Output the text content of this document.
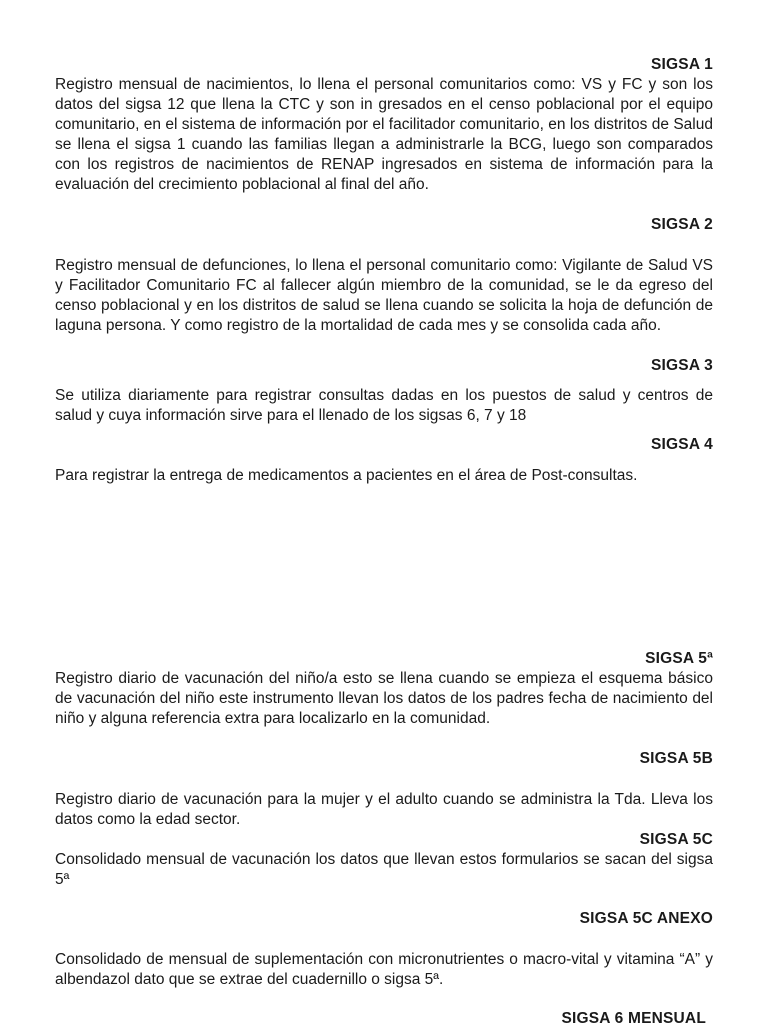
SIGSA 1

Registro mensual de nacimientos, lo llena el personal comunitarios como: VS y FC y son los datos del sigsa 12 que llena la CTC y son in gresados en el censo poblacional por el equipo comunitario, en el sistema de información por el facilitador comunitario, en los distritos de Salud se llena el sigsa 1 cuando las familias llegan a administrarle la BCG, luego son comparados con los registros de nacimientos de RENAP ingresados en sistema de información para la evaluación del crecimiento poblacional al final del año.

SIGSA 2

Registro mensual de defunciones, lo llena el personal comunitario como: Vigilante de Salud VS y Facilitador Comunitario FC al fallecer algún miembro de la comunidad, se le da egreso del censo poblacional y en los distritos de salud se llena cuando se solicita la hoja de defunción de laguna persona. Y como registro de la mortalidad de cada mes y se consolida cada año.

SIGSA 3

Se utiliza diariamente para registrar consultas dadas en los puestos de salud y centros de salud y cuya información sirve para el llenado de los sigsas 6, 7 y 18

SIGSA 4

Para registrar la entrega de medicamentos a pacientes en el área de Post-consultas.

SIGSA 5ª

Registro diario de vacunación del niño/a esto se llena cuando se empieza el esquema básico de vacunación del niño este instrumento llevan los datos de los padres fecha de nacimiento del niño y alguna referencia extra para localizarlo en la comunidad.

SIGSA 5B

Registro diario de vacunación para la mujer y el adulto cuando se administra la Tda. Lleva los datos como la edad sector.

SIGSA 5C

Consolidado mensual de vacunación los datos que llevan estos formularios se sacan del sigsa 5ª

SIGSA 5C ANEXO

Consolidado de mensual de suplementación con micronutrientes o macro-vital y vitamina “A” y albendazol dato que se extrae del cuadernillo o sigsa 5ª.

SIGSA 6 MENSUAL
